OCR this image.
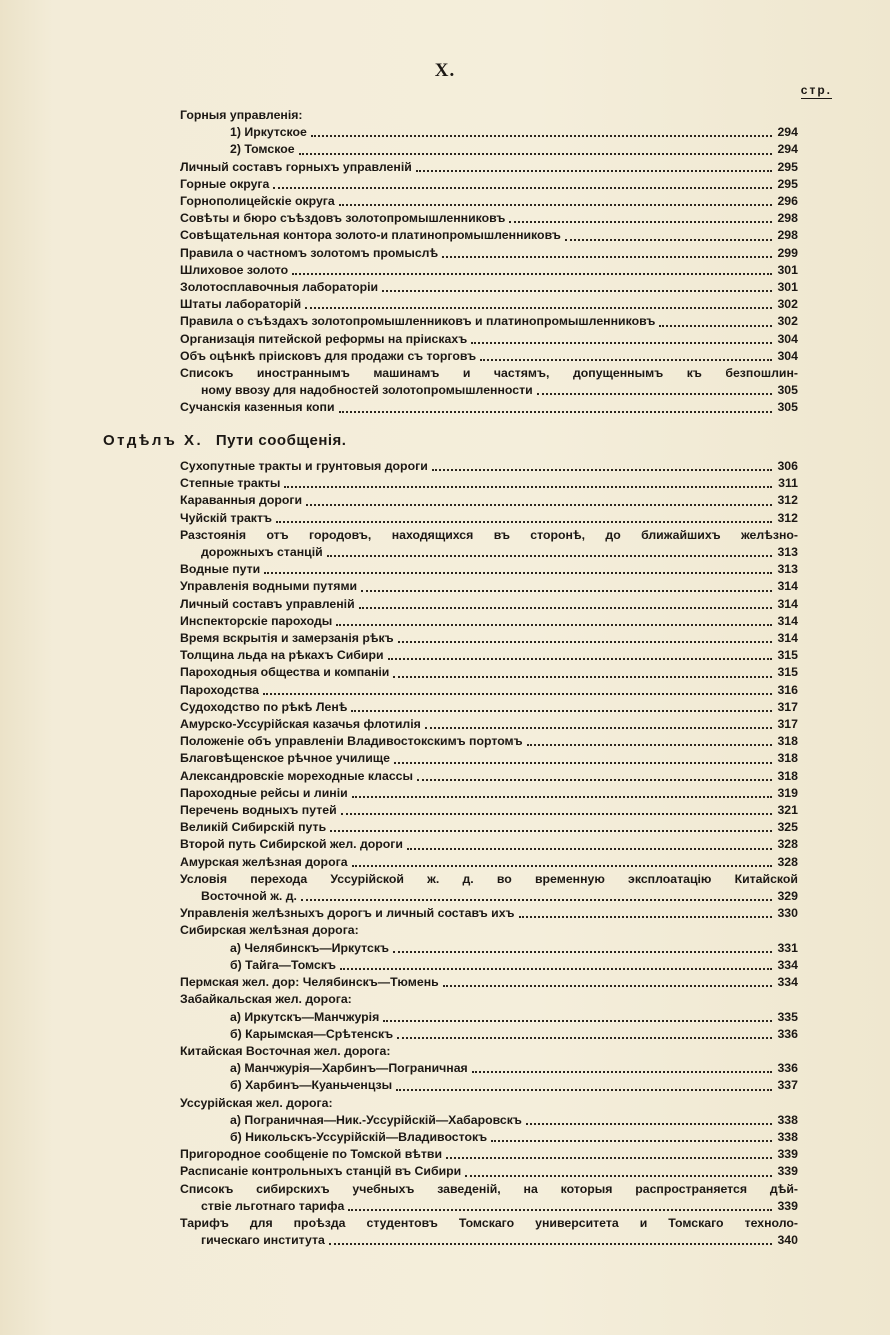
X.
стр.
Горныя управленія:
1) Иркутское	294
2) Томское	294
Личный составъ горныхъ управленій	295
Горные округа	295
Горнополицейскіе округа	296
Совѣты и бюро съѣздовъ золотопромышленниковъ	298
Совѣщательная контора золото-и платинопромышленниковъ	298
Правила о частномъ золотомъ промыслѣ	299
Шлиховое золото	301
Золотосплавочныя лабораторіи	301
Штаты лабораторій	302
Правила о съѣздахъ золотопромышленниковъ и платинопромышленниковъ	302
Организація питейской реформы на пріискахъ	304
Объ оцѣнкѣ пріисковъ для продажи съ торговъ	304
Списокъ иностраннымъ машинамъ и частямъ, допущеннымъ къ безпошлин-
ному ввозу для надобностей золотопромышленности	305
Сучанскія казенныя копи	305
Отдѣлъ X. Пути сообщенія.
Сухопутные тракты и грунтовыя дороги	306
Степные тракты	311
Караванныя дороги	312
Чуйскій трактъ	312
Разстоянія отъ городовъ, находящихся въ сторонѣ, до ближайшихъ желѣзно-
дорожныхъ станцій	313
Водные пути	313
Управленія водными путями	314
Личный составъ управленій	314
Инспекторскіе пароходы	314
Время вскрытія и замерзанія рѣкъ	314
Толщина льда на рѣкахъ Сибири	315
Пароходныя общества и компаніи	315
Пароходства	316
Судоходство по рѣкѣ Ленѣ	317
Амурско-Уссурійская казачья флотилія	317
Положеніе объ управленіи Владивостокскимъ портомъ	318
Благовѣщенское рѣчное училище	318
Александровскіе мореходные классы	318
Пароходные рейсы и линіи	319
Перечень водныхъ путей	321
Великій Сибирскій путь	325
Второй путь Сибирской жел. дороги	328
Амурская желѣзная дорога	328
Условія перехода Уссурійской ж. д. во временную эксплоатацію Китайской
Восточной ж. д.	329
Управленія желѣзныхъ дорогъ и личный составъ ихъ	330
Сибирская желѣзная дорога:
а) Челябинскъ—Иркутскъ	331
б) Тайга—Томскъ	334
Пермская жел. дор: Челябинскъ—Тюмень	334
Забайкальская жел. дорога:
а) Иркутскъ—Манчжурія	335
б) Карымская—Срѣтенскъ	336
Китайская Восточная жел. дорога:
а) Манчжурія—Харбинъ—Пограничная	336
б) Харбинъ—Куаньченцзы	337
Уссурійская жел. дорога:
а) Пограничная—Ник.-Уссурійскій—Хабаровскъ	338
б) Никольскъ-Уссурійскій—Владивостокъ	338
Пригородное сообщеніе по Томской вѣтви	339
Расписаніе контрольныхъ станцій въ Сибири	339
Списокъ сибирскихъ учебныхъ заведеній, на которыя распространяется дѣй-
ствіе льготнаго тарифа	339
Тарифъ для проѣзда студентовъ Томскаго университета и Томскаго техноло-
гическаго института	340
